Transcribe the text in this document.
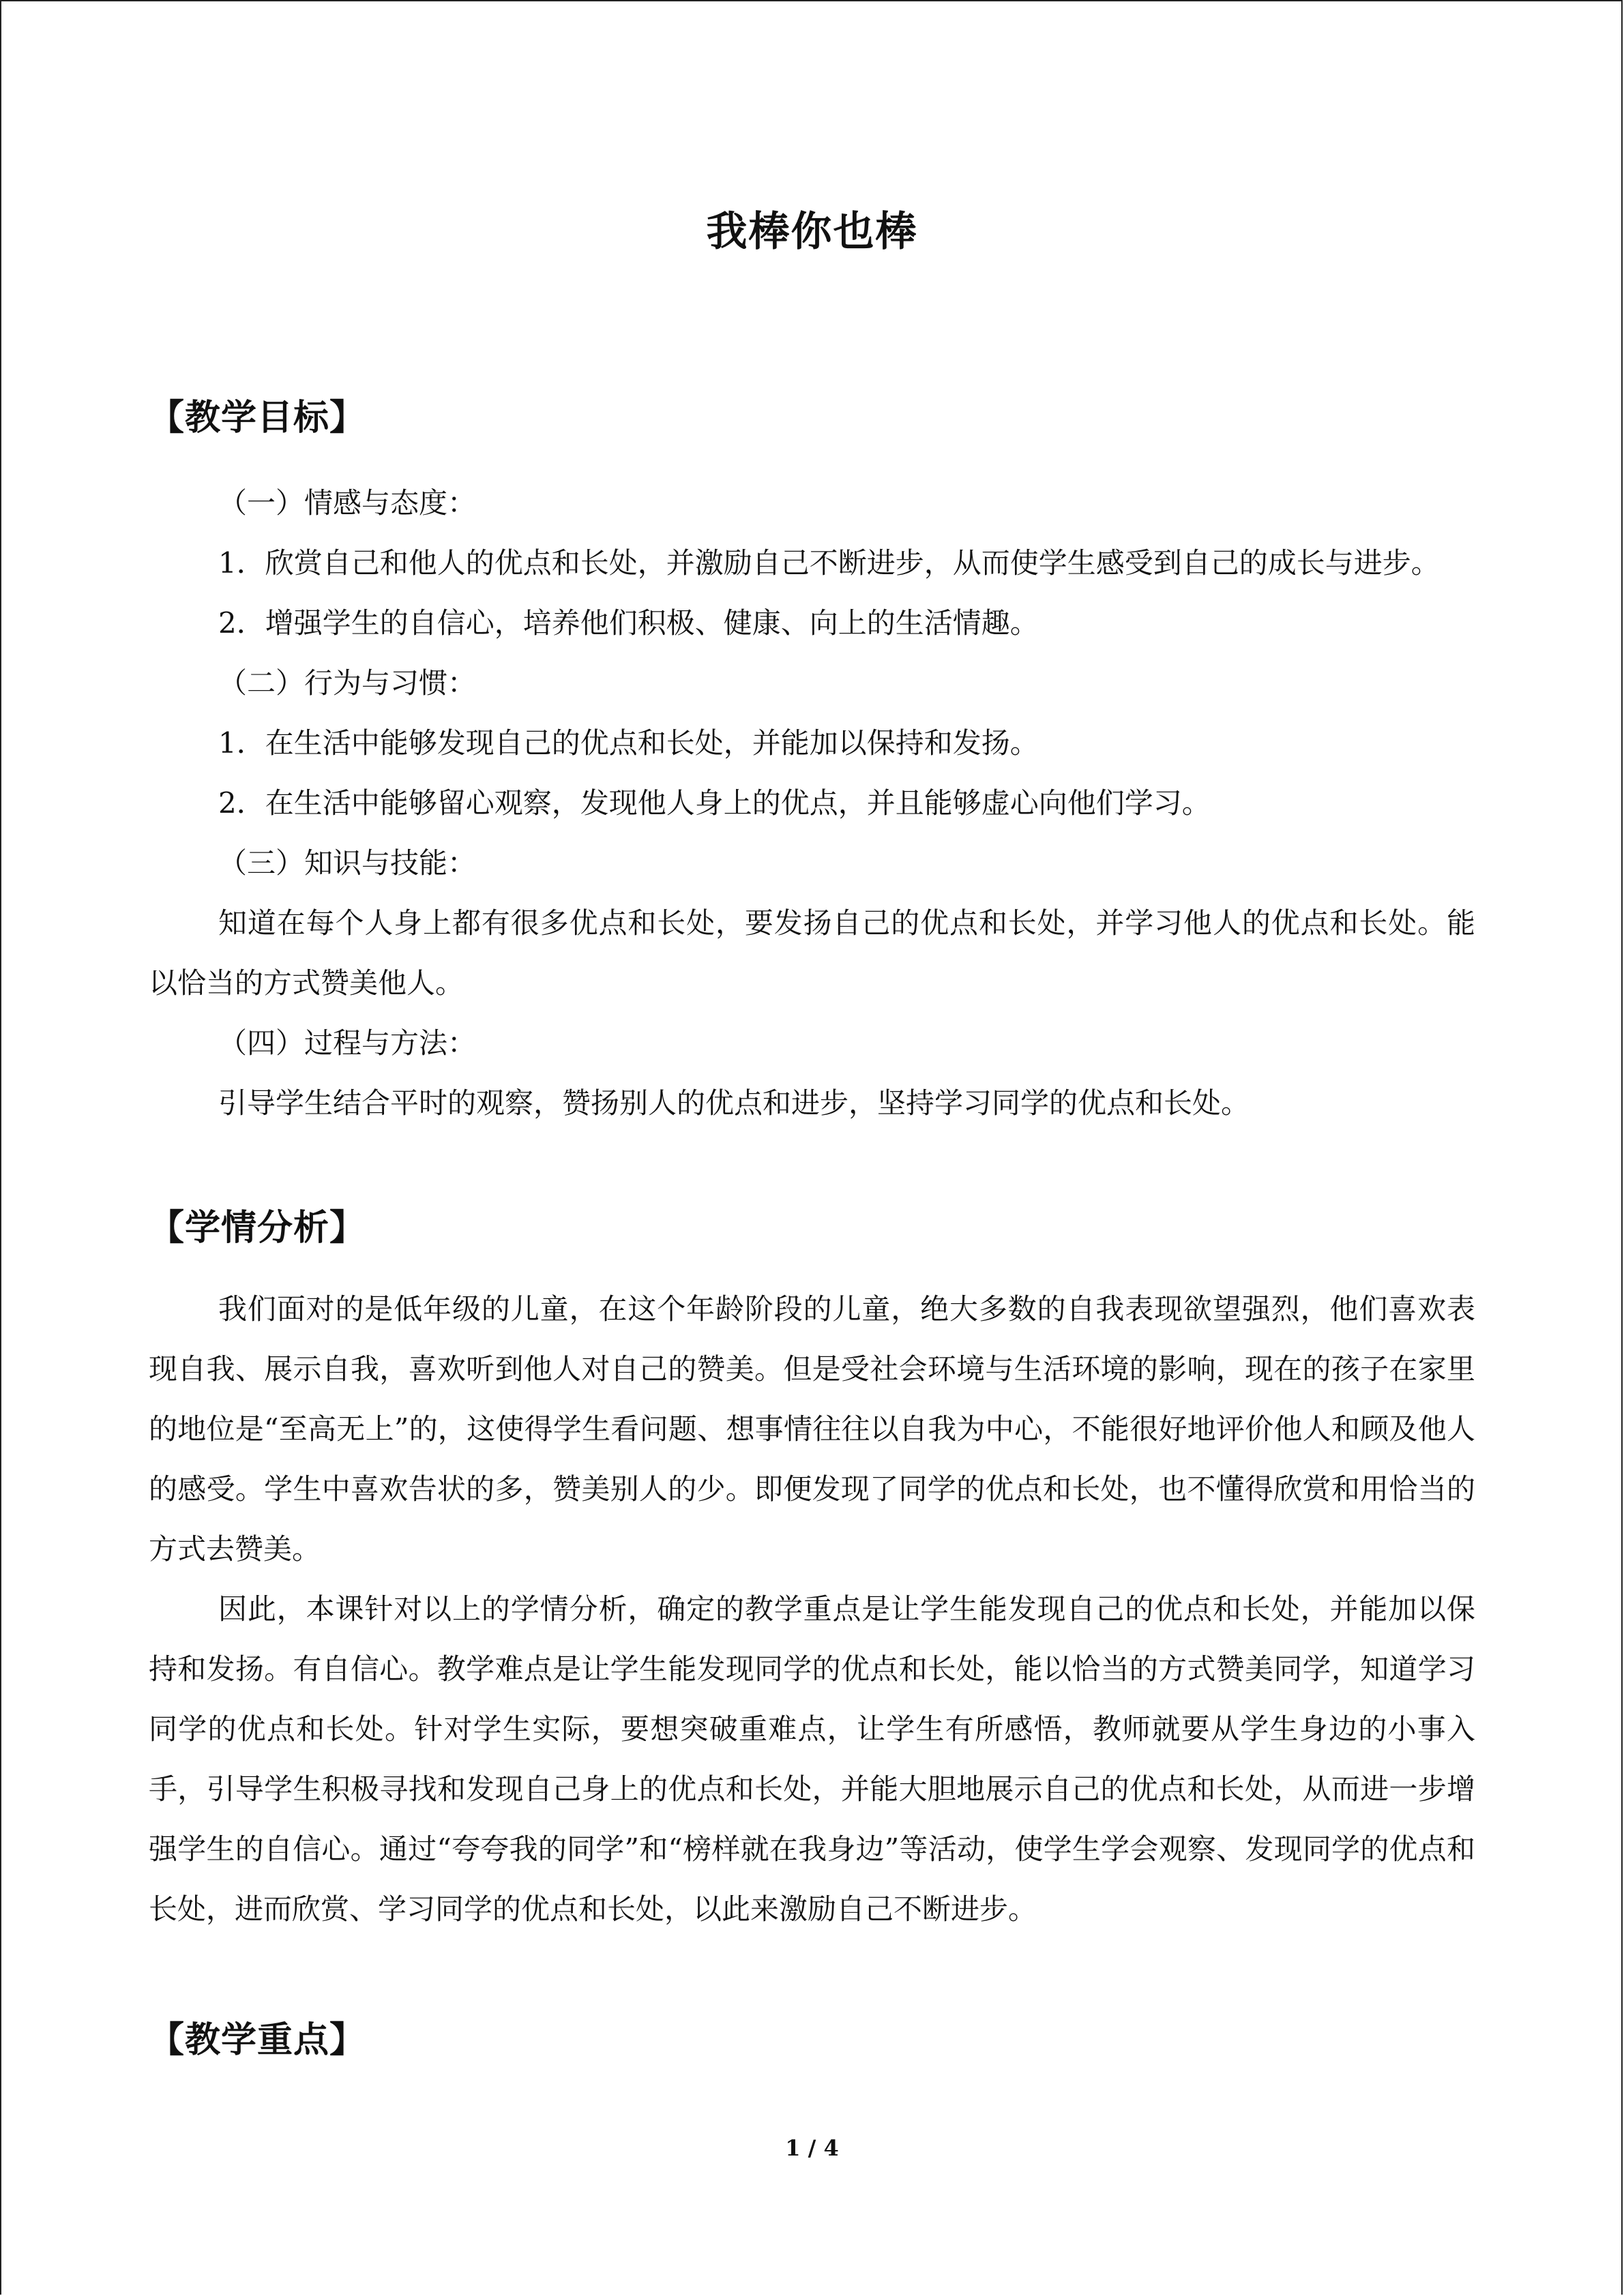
我棒你也棒
【教学目标】

（一）情感与态度：

1．欣赏自己和他人的优点和长处，并激励自己不断进步，从而使学生感受到自己的成长与进步。

2．增强学生的自信心，培养他们积极、健康、向上的生活情趣。

（二）行为与习惯：

1．在生活中能够发现自己的优点和长处，并能加以保持和发扬。

2．在生活中能够留心观察，发现他人身上的优点，并且能够虚心向他们学习。

（三）知识与技能：

知道在每个人身上都有很多优点和长处，要发扬自己的优点和长处，并学习他人的优点和长处。能以恰当的方式赞美他人。

（四）过程与方法：

引导学生结合平时的观察，赞扬别人的优点和进步，坚持学习同学的优点和长处。

【学情分析】

我们面对的是低年级的儿童，在这个年龄阶段的儿童，绝大多数的自我表现欲望强烈，他们喜欢表现自我、展示自我，喜欢听到他人对自己的赞美。但是受社会环境与生活环境的影响，现在的孩子在家里的地位是“至高无上”的，这使得学生看问题、想事情往往以自我为中心，不能很好地评价他人和顾及他人的感受。学生中喜欢告状的多，赞美别人的少。即便发现了同学的优点和长处，也不懂得欣赏和用恰当的方式去赞美。

因此，本课针对以上的学情分析，确定的教学重点是让学生能发现自己的优点和长处，并能加以保持和发扬。有自信心。教学难点是让学生能发现同学的优点和长处，能以恰当的方式赞美同学，知道学习同学的优点和长处。针对学生实际，要想突破重难点，让学生有所感悟，教师就要从学生身边的小事入手，引导学生积极寻找和发现自己身上的优点和长处，并能大胆地展示自己的优点和长处，从而进一步增强学生的自信心。通过“夸夸我的同学”和“榜样就在我身边”等活动，使学生学会观察、发现同学的优点和长处，进而欣赏、学习同学的优点和长处，以此来激励自己不断进步。

【教学重点】
1 / 4
